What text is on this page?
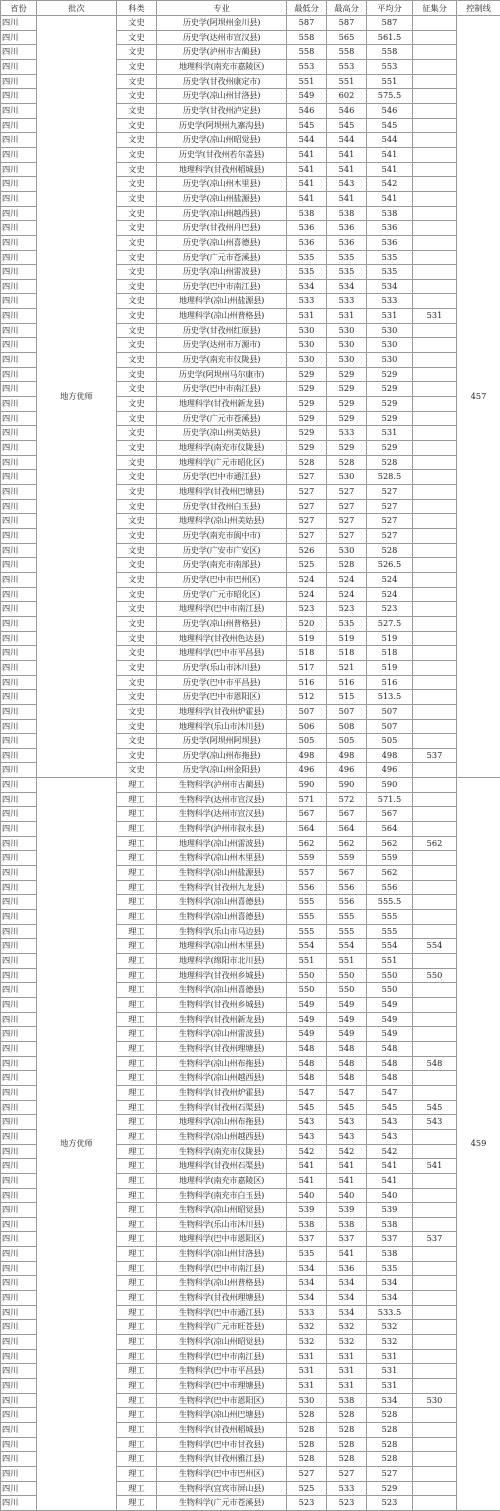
省份	批次	科类	专业	最低分	最高分	平均分	征集分	控制线
四川	地方优师	文史	历史学(阿坝州金川县)	587	587	587		457
四川		文史	历史学(达州市宣汉县)	558	565	561.5		
四川		文史	历史学(泸州市古蔺县)	558	558	558		
四川		文史	地理科学(南充市嘉陵区)	553	553	553		
四川		文史	历史学(甘孜州康定市)	551	551	551		
四川		文史	历史学(凉山州甘洛县)	549	602	575.5		
四川		文史	历史学(甘孜州泸定县)	546	546	546		
四川		文史	历史学(阿坝州九寨沟县)	545	545	545		
四川		文史	历史学(凉山州昭觉县)	544	544	544		
四川		文史	历史学(甘孜州若尔盖县)	541	541	541		
四川		文史	地理科学(甘孜州稻城县)	541	541	541		
四川		文史	历史学(凉山州木里县)	541	543	542		
四川		文史	历史学(凉山州盐源县)	541	541	541		
四川		文史	历史学(凉山州越西县)	538	538	538		
四川		文史	历史学(甘孜州丹巴县)	536	536	536		
四川		文史	历史学(凉山州喜德县)	536	536	536		
四川		文史	历史学(广元市苍溪县)	535	535	535		
四川		文史	历史学(凉山州雷波县)	535	535	535		
四川		文史	历史学(巴中市南江县)	534	534	534		
四川		文史	地理科学(凉山州盐源县)	533	533	533		
四川		文史	地理科学(凉山州普格县)	531	531	531	531	
四川		文史	历史学(甘孜州红原县)	530	530	530		
四川		文史	历史学(达州市万源市)	530	530	530		
四川		文史	历史学(南充市仪陇县)	530	530	530		
四川		文史	历史学(阿坝州马尔康市)	529	529	529		
四川		文史	历史学(巴中市南江县)	529	529	529		
四川		文史	地理科学(甘孜州新龙县)	529	529	529		
四川		文史	历史学(广元市苍溪县)	529	529	529		
四川		文史	历史学(凉山州美姑县)	529	533	531		
四川		文史	地理科学(南充市仪陇县)	529	529	529		
四川		文史	地理科学(广元市昭化区)	528	528	528		
四川		文史	历史学(巴中市通江县)	527	530	528.5		
四川		文史	地理科学(甘孜州巴塘县)	527	527	527		
四川		文史	历史学(甘孜州白玉县)	527	527	527		
四川		文史	地理科学(凉山州美姑县)	527	527	527		
四川		文史	历史学(南充市阆中市)	527	527	527		
四川		文史	历史学(广安市广安区)	526	530	528		
四川		文史	历史学(南充市南部县)	525	528	526.5		
四川		文史	历史学(巴中市巴州区)	524	524	524		
四川		文史	历史学(广元市昭化区)	524	524	524		
四川		文史	地理科学(巴中市南江县)	523	523	523		
四川		文史	历史学(凉山州普格县)	520	535	527.5		
四川		文史	地理科学(甘孜州色达县)	519	519	519		
四川		文史	地理科学(巴中市平昌县)	518	518	518		
四川		文史	历史学(乐山市沐川县)	517	521	519		
四川		文史	历史学(巴中市平昌县)	516	516	516		
四川		文史	历史学(巴中市恩阳区)	512	515	513.5		
四川		文史	地理科学(甘孜州炉霍县)	507	507	507		
四川		文史	地理科学(乐山市沐川县)	506	508	507		
四川		文史	历史学(阿坝州阿坝县)	505	505	505		
四川		文史	历史学(凉山州布拖县)	498	498	498	537	
四川		文史	历史学(凉山州金阳县)	496	496	496		
四川	地方优师	理工	生物科学(泸州市古蔺县)	590	590	590		459
四川		理工	生物科学(达州市宣汉县)	571	572	571.5		
四川		理工	生物科学(达州市宣汉县)	567	567	567		
四川		理工	生物科学(泸州市叙永县)	564	564	564		
四川		理工	地理科学(凉山州雷波县)	562	562	562	562	
四川		理工	生物科学(凉山州木里县)	559	559	559		
四川		理工	生物科学(凉山州盐源县)	557	567	562		
四川		理工	生物科学(甘孜州九龙县)	556	556	556		
四川		理工	生物科学(凉山州喜德县)	555	556	555.5		
四川		理工	生物科学(凉山州喜德县)	555	555	555		
四川		理工	生物科学(乐山市马边县)	555	555	555		
四川		理工	地理科学(凉山州木里县)	554	554	554	554	
四川		理工	地理科学(绵阳市北川县)	551	551	551		
四川		理工	地理科学(甘孜州乡城县)	550	550	550	550	
四川		理工	生物科学(凉山州喜德县)	550	550	550		
四川		理工	生物科学(甘孜州乡城县)	549	549	549		
四川		理工	生物科学(甘孜州新龙县)	549	549	549		
四川		理工	生物科学(凉山州雷波县)	549	549	549		
四川		理工	生物科学(甘孜州理塘县)	548	548	548		
四川		理工	生物科学(凉山州布拖县)	548	548	548	548	
四川		理工	生物科学(凉山州越西县)	548	548	548		
四川		理工	生物科学(甘孜州炉霍县)	547	547	547		
四川		理工	生物科学(甘孜州石渠县)	545	545	545	545	
四川		理工	地理科学(凉山州布拖县)	543	543	543	543	
四川		理工	生物科学(凉山州越西县)	543	543	543		
四川		理工	生物科学(南充市仪陇县)	542	542	542		
四川		理工	地理科学(甘孜州石渠县)	541	541	541	541	
四川		理工	地理科学(南充市嘉陵区)	541	541	541		
四川		理工	生物科学(南充市白玉县)	540	540	540		
四川		理工	生物科学(凉山州昭觉县)	539	539	539		
四川		理工	生物科学(乐山市沐川县)	538	538	538		
四川		理工	地理科学(巴中市恩阳区)	537	537	537	537	
四川		理工	生物科学(凉山州甘洛县)	535	541	538		
四川		理工	生物科学(巴中市南江县)	534	536	535		
四川		理工	生物科学(凉山州普格县)	534	534	534		
四川		理工	生物科学(甘孜州理塘县)	534	534	534		
四川		理工	生物科学(巴中市通江县)	533	534	533.5		
四川		理工	生物科学(广元市旺苍县)	532	532	532		
四川		理工	生物科学(凉山州昭觉县)	532	532	532		
四川		理工	生物科学(巴中市南江县)	531	531	531		
四川		理工	生物科学(巴中市平昌县)	531	531	531		
四川		理工	生物科学(巴中市理塘县)	531	531	531		
四川		理工	生物科学(巴中市恩阳区)	530	538	534	530	
四川		理工	生物科学(凉山州巴塘县)	528	528	528		
四川		理工	生物科学(甘孜州稻城县)	528	528	528		
四川		理工	生物科学(巴中市甘孜县)	528	528	528		
四川		理工	生物科学(甘孜州雅江县)	528	528	528		
四川		理工	生物科学(巴中市巴州区)	527	527	527		
四川		理工	生物科学(宜宾市屏山县)	525	533	529		
四川		理工	生物科学(广元市苍溪县)	523	523	523		
